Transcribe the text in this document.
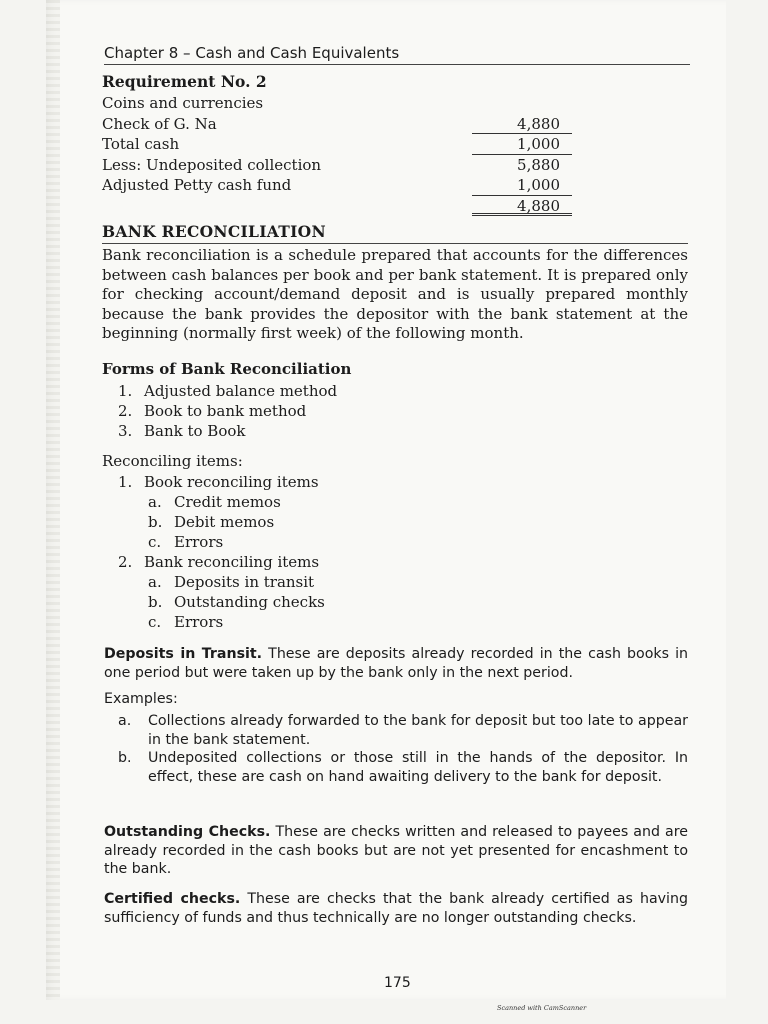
Chapter 8 – Cash and Cash Equivalents
Requirement No. 2
Coins and currencies
Check of G. Na	4,880
Total cash	1,000
Less: Undeposited collection	5,880
Adjusted Petty cash fund	1,000
4,880
BANK RECONCILIATION
Bank reconciliation is a schedule prepared that accounts for the differences between cash balances per book and per bank statement. It is prepared only for checking account/demand deposit and is usually prepared monthly because the bank provides the depositor with the bank statement at the beginning (normally first week) of the following month.
Forms of Bank Reconciliation
1. Adjusted balance method
2. Book to bank method
3. Bank to Book
Reconciling items:
1. Book reconciling items
a. Credit memos
b. Debit memos
c. Errors
2. Bank reconciling items
a. Deposits in transit
b. Outstanding checks
c. Errors
Deposits in Transit. These are deposits already recorded in the cash books in one period but were taken up by the bank only in the next period.
Examples:
a.	Collections already forwarded to the bank for deposit but too late to appear in the bank statement.
b.	Undeposited collections or those still in the hands of the depositor. In effect, these are cash on hand awaiting delivery to the bank for deposit.
Outstanding Checks. These are checks written and released to payees and are already recorded in the cash books but are not yet presented for encashment to the bank.
Certified checks. These are checks that the bank already certified as having sufficiency of funds and thus technically are no longer outstanding checks.
175
Scanned with CamScanner
